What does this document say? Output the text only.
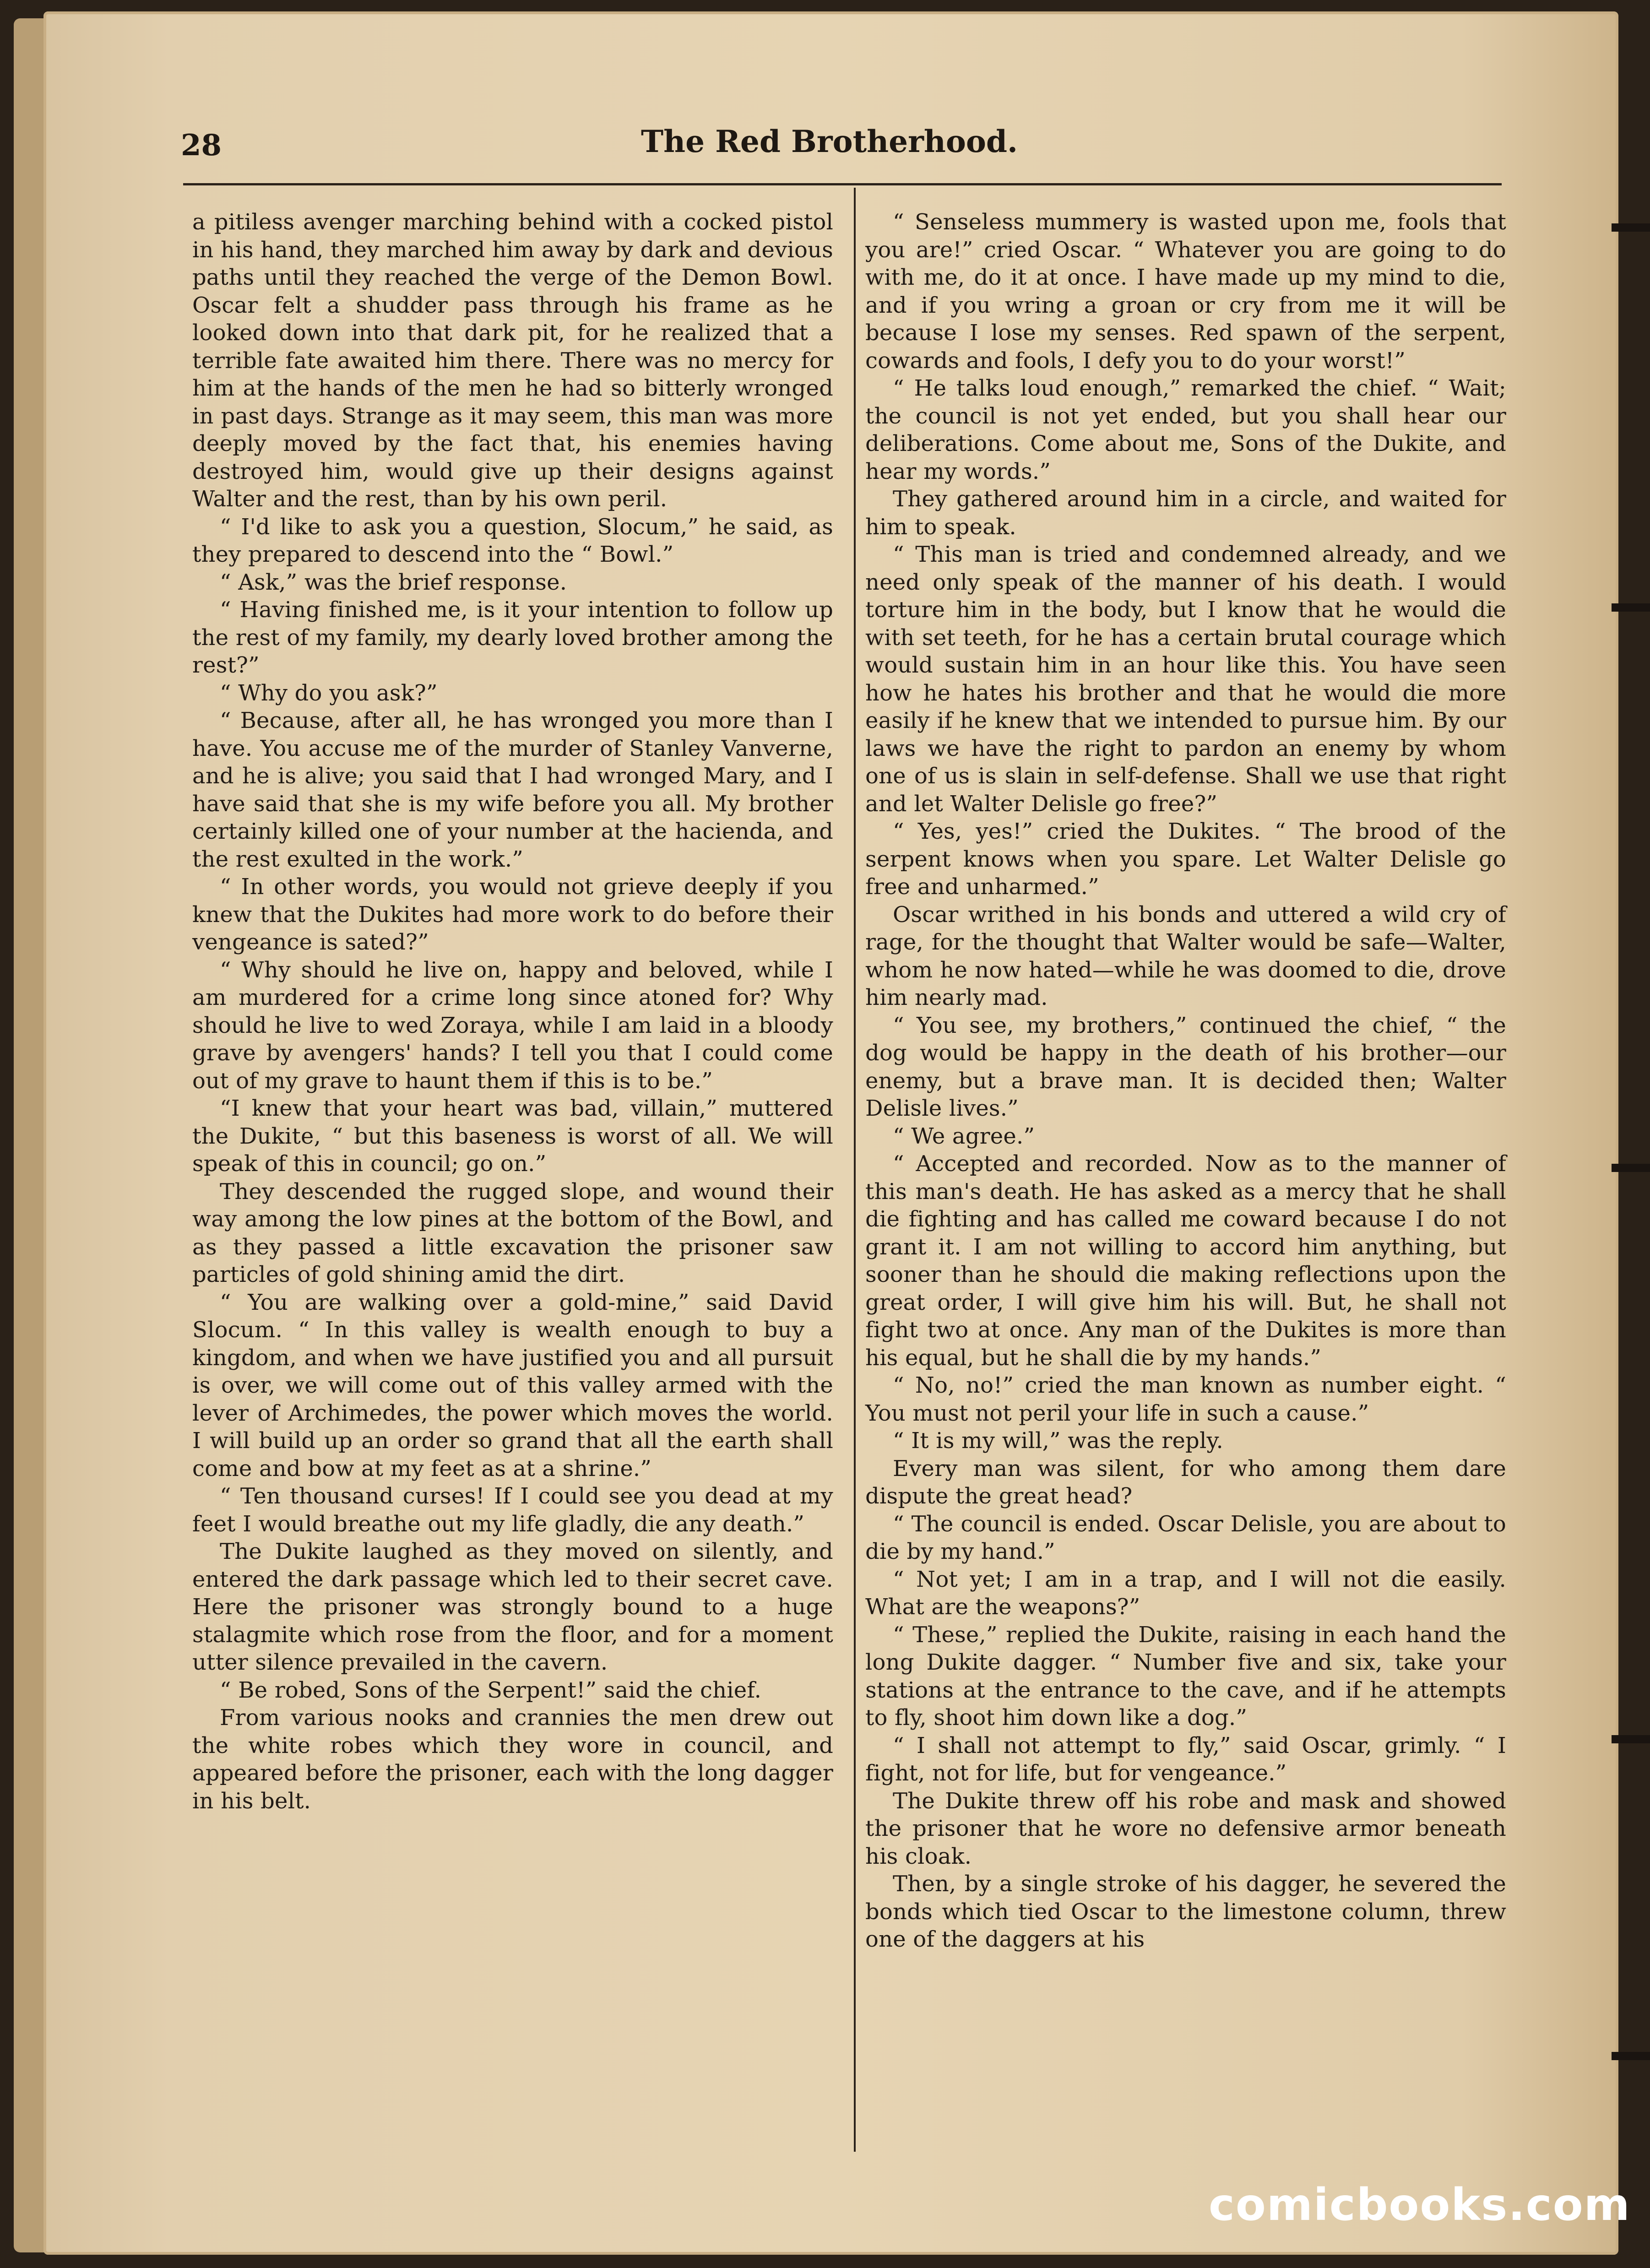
28	The Red Brotherhood.

a pitiless avenger marching behind with a cocked pistol in his hand, they marched him away by dark and devious paths until they reached the verge of the Demon Bowl. Oscar felt a shudder pass through his frame as he looked down into that dark pit, for he realized that a terrible fate awaited him there. There was no mercy for him at the hands of the men he had so bitterly wronged in past days. Strange as it may seem, this man was more deeply moved by the fact that, his enemies having destroyed him, would give up their designs against Walter and the rest, than by his own peril.

“ I'd like to ask you a question, Slocum,” he said, as they prepared to descend into the “ Bowl.”

“ Ask,” was the brief response.

“ Having finished me, is it your intention to follow up the rest of my family, my dearly loved brother among the rest?”

“ Why do you ask?”

“ Because, after all, he has wronged you more than I have. You accuse me of the murder of Stanley Vanverne, and he is alive; you said that I had wronged Mary, and I have said that she is my wife before you all. My brother certainly killed one of your number at the hacienda, and the rest exulted in the work.”

“ In other words, you would not grieve deeply if you knew that the Dukites had more work to do before their vengeance is sated?”

“ Why should he live on, happy and beloved, while I am murdered for a crime long since atoned for? Why should he live to wed Zoraya, while I am laid in a bloody grave by avengers' hands? I tell you that I could come out of my grave to haunt them if this is to be.”

“I knew that your heart was bad, villain,” muttered the Dukite, “ but this baseness is worst of all. We will speak of this in council; go on.”

They descended the rugged slope, and wound their way among the low pines at the bottom of the Bowl, and as they passed a little excavation the prisoner saw particles of gold shining amid the dirt.

“ You are walking over a gold-mine,” said David Slocum. “ In this valley is wealth enough to buy a kingdom, and when we have justified you and all pursuit is over, we will come out of this valley armed with the lever of Archimedes, the power which moves the world. I will build up an order so grand that all the earth shall come and bow at my feet as at a shrine.”

“ Ten thousand curses! If I could see you dead at my feet I would breathe out my life gladly, die any death.”

The Dukite laughed as they moved on silently, and entered the dark passage which led to their secret cave. Here the prisoner was strongly bound to a huge stalagmite which rose from the floor, and for a moment utter silence prevailed in the cavern.

“ Be robed, Sons of the Serpent!” said the chief.

From various nooks and crannies the men drew out the white robes which they wore in council, and appeared before the prisoner, each with the long dagger in his belt.

“ Senseless mummery is wasted upon me, fools that you are!” cried Oscar. “ Whatever you are going to do with me, do it at once. I have made up my mind to die, and if you wring a groan or cry from me it will be because I lose my senses. Red spawn of the serpent, cowards and fools, I defy you to do your worst!”

“ He talks loud enough,” remarked the chief. “ Wait; the council is not yet ended, but you shall hear our deliberations. Come about me, Sons of the Dukite, and hear my words.”

They gathered around him in a circle, and waited for him to speak.

“ This man is tried and condemned already, and we need only speak of the manner of his death. I would torture him in the body, but I know that he would die with set teeth, for he has a certain brutal courage which would sustain him in an hour like this. You have seen how he hates his brother and that he would die more easily if he knew that we intended to pursue him. By our laws we have the right to pardon an enemy by whom one of us is slain in self-defense. Shall we use that right and let Walter Delisle go free?”

“ Yes, yes!” cried the Dukites. “ The brood of the serpent knows when you spare. Let Walter Delisle go free and unharmed.”

Oscar writhed in his bonds and uttered a wild cry of rage, for the thought that Walter would be safe—Walter, whom he now hated—while he was doomed to die, drove him nearly mad.

“ You see, my brothers,” continued the chief, “ the dog would be happy in the death of his brother—our enemy, but a brave man. It is decided then; Walter Delisle lives.”

“ We agree.”

“ Accepted and recorded. Now as to the manner of this man's death. He has asked as a mercy that he shall die fighting and has called me coward because I do not grant it. I am not willing to accord him anything, but sooner than he should die making reflections upon the great order, I will give him his will. But, he shall not fight two at once. Any man of the Dukites is more than his equal, but he shall die by my hands.”

“ No, no!” cried the man known as number eight. “ You must not peril your life in such a cause.”

“ It is my will,” was the reply.

Every man was silent, for who among them dare dispute the great head?

“ The council is ended. Oscar Delisle, you are about to die by my hand.”

“ Not yet; I am in a trap, and I will not die easily. What are the weapons?”

“ These,” replied the Dukite, raising in each hand the long Dukite dagger. “ Number five and six, take your stations at the entrance to the cave, and if he attempts to fly, shoot him down like a dog.”

“ I shall not attempt to fly,” said Oscar, grimly. “ I fight, not for life, but for vengeance.”

The Dukite threw off his robe and mask and showed the prisoner that he wore no defensive armor beneath his cloak.

Then, by a single stroke of his dagger, he severed the bonds which tied Oscar to the limestone column, threw one of the daggers at his

comicbooks.com
